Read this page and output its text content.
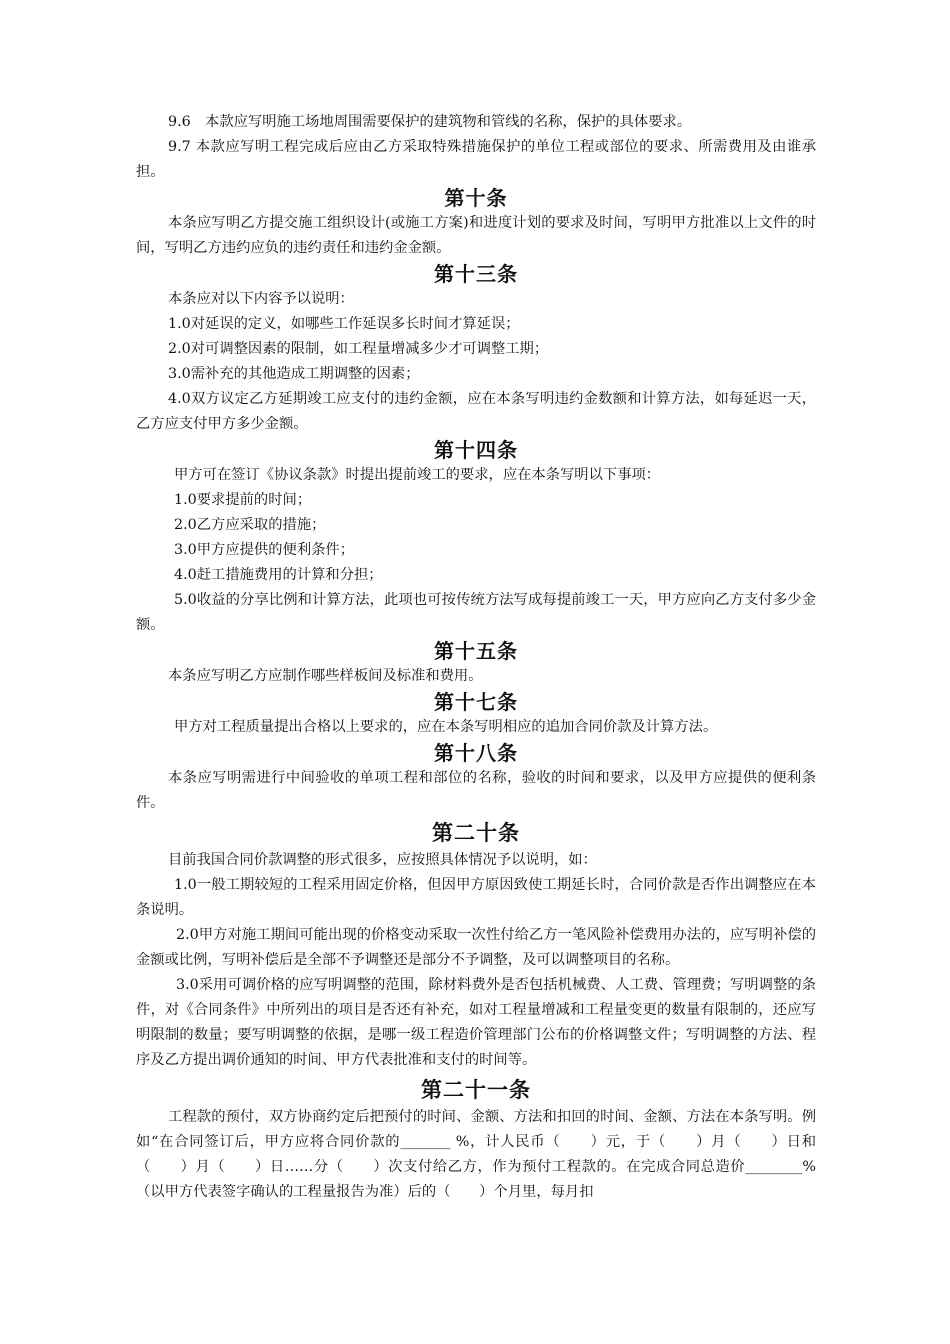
9.6　本款应写明施工场地周围需要保护的建筑物和管线的名称，保护的具体要求。

9.7 本款应写明工程完成后应由乙方采取特殊措施保护的单位工程或部位的要求、所需费用及由谁承担。

第十条

本条应写明乙方提交施工组织设计(或施工方案)和进度计划的要求及时间，写明甲方批准以上文件的时间，写明乙方违约应负的违约责任和违约金金额。

第十三条

本条应对以下内容予以说明：

1.0对延误的定义，如哪些工作延误多长时间才算延误；

2.0对可调整因素的限制，如工程量增减多少才可调整工期；

3.0需补充的其他造成工期调整的因素；

4.0双方议定乙方延期竣工应支付的违约金额，应在本条写明违约金数额和计算方法，如每延迟一天，乙方应支付甲方多少金额。

第十四条

甲方可在签订《协议条款》时提出提前竣工的要求，应在本条写明以下事项：

1.0要求提前的时间；

2.0乙方应采取的措施；

3.0甲方应提供的便利条件；

4.0赶工措施费用的计算和分担；

5.0收益的分享比例和计算方法，此项也可按传统方法写成每提前竣工一天，甲方应向乙方支付多少金额。

第十五条

本条应写明乙方应制作哪些样板间及标准和费用。

第十七条

甲方对工程质量提出合格以上要求的，应在本条写明相应的追加合同价款及计算方法。

第十八条

本条应写明需进行中间验收的单项工程和部位的名称，验收的时间和要求，以及甲方应提供的便利条件。

第二十条

目前我国合同价款调整的形式很多，应按照具体情况予以说明，如：

1.0一般工期较短的工程采用固定价格，但因甲方原因致使工期延长时，合同价款是否作出调整应在本条说明。

2.0甲方对施工期间可能出现的价格变动采取一次性付给乙方一笔风险补偿费用办法的，应写明补偿的金额或比例，写明补偿后是全部不予调整还是部分不予调整，及可以调整项目的名称。

3.0采用可调价格的应写明调整的范围，除材料费外是否包括机械费、人工费、管理费；写明调整的条件，对《合同条件》中所列出的项目是否还有补充，如对工程量增减和工程量变更的数量有限制的，还应写明限制的数量；要写明调整的依据，是哪一级工程造价管理部门公布的价格调整文件；写明调整的方法、程序及乙方提出调价通知的时间、甲方代表批准和支付的时间等。

第二十一条

工程款的预付，双方协商约定后把预付的时间、金额、方法和扣回的时间、金额、方法在本条写明。例如“在合同签订后，甲方应将合同价款的_______ %，计人民币（　　）元，于（　　）月（　　）日和（　　）月（　　）日……分（　　）次支付给乙方，作为预付工程款的。在完成合同总造价________%（以甲方代表签字确认的工程量报告为准）后的（　　）个月里，每月扣
